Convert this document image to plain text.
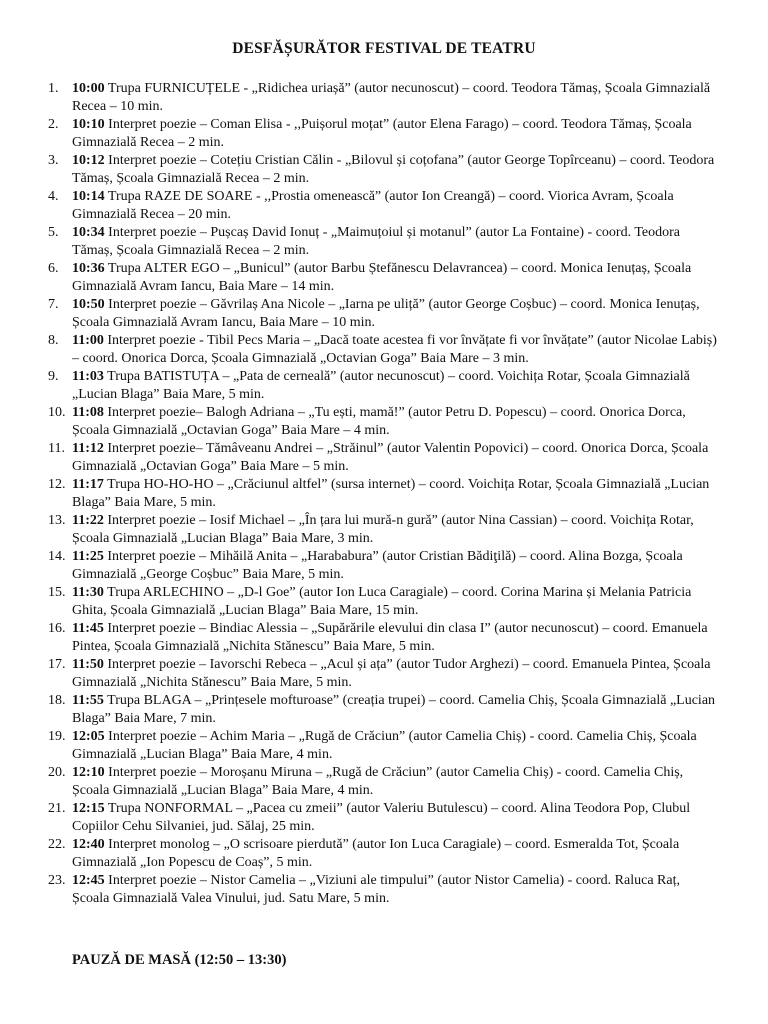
DESFĂȘURĂTOR FESTIVAL DE TEATRU
1. 10:00 Trupa FURNICUȚELE - „Ridichea uriașă” (autor necunoscut) – coord. Teodora Tămaș, Școala Gimnazială Recea – 10 min.
2. 10:10 Interpret poezie – Coman Elisa - ,,Puișorul moțat” (autor Elena Farago) – coord. Teodora Tămaș, Școala Gimnazială Recea – 2 min.
3. 10:12 Interpret poezie – Cotețiu Cristian Călin - „Bilovul și coțofana” (autor George Topîrceanu) – coord. Teodora Tămaș, Școala Gimnazială Recea – 2 min.
4. 10:14 Trupa RAZE DE SOARE - ,,Prostia omenească” (autor Ion Creangă) – coord. Viorica Avram, Școala Gimnazială Recea – 20 min.
5. 10:34 Interpret poezie – Pușcaș David Ionuț - „Maimuțoiul și motanul” (autor La Fontaine) - coord. Teodora Tămaș, Școala Gimnazială Recea – 2 min.
6. 10:36 Trupa ALTER EGO – „Bunicul” (autor Barbu Ștefănescu Delavrancea) – coord. Monica Ienuțaș, Școala Gimnazială Avram Iancu, Baia Mare – 14 min.
7. 10:50 Interpret poezie – Găvrilaș Ana Nicole – „Iarna pe uliță” (autor George Coșbuc) – coord. Monica Ienuțaș, Școala Gimnazială Avram Iancu, Baia Mare – 10 min.
8. 11:00 Interpret poezie - Tibil Pecs Maria – „Dacă toate acestea fi vor învățate fi vor învățate” (autor Nicolae Labiș) – coord. Onorica Dorca, Școala Gimnazială „Octavian Goga” Baia Mare – 3 min.
9. 11:03 Trupa BATISTUȚA – „Pata de cerneală” (autor necunoscut) – coord. Voichița Rotar, Școala Gimnazială „Lucian Blaga” Baia Mare, 5 min.
10. 11:08 Interpret poezie– Balogh Adriana – „Tu ești, mamă!” (autor Petru D. Popescu) – coord. Onorica Dorca, Școala Gimnazială „Octavian Goga” Baia Mare – 4 min.
11. 11:12 Interpret poezie– Tămâveanu Andrei – „Străinul” (autor Valentin Popovici) – coord. Onorica Dorca, Școala Gimnazială „Octavian Goga” Baia Mare – 5 min.
12. 11:17 Trupa HO-HO-HO – „Crăciunul altfel” (sursa internet) – coord. Voichița Rotar, Școala Gimnazială „Lucian Blaga” Baia Mare, 5 min.
13. 11:22 Interpret poezie – Iosif Michael – „În țara lui mură-n gură” (autor Nina Cassian) – coord. Voichița Rotar, Școala Gimnazială „Lucian Blaga” Baia Mare, 3 min.
14. 11:25 Interpret poezie – Mihăilă Anita – „Harababura” (autor Cristian Bădiţilă) – coord. Alina Bozga, Școala Gimnazială „George Coșbuc” Baia Mare, 5 min.
15. 11:30 Trupa ARLECHINO – „D-l Goe” (autor Ion Luca Caragiale) – coord. Corina Marina și Melania Patricia Ghita, Școala Gimnazială „Lucian Blaga” Baia Mare, 15 min.
16. 11:45 Interpret poezie – Bindiac Alessia – „Supărările elevului din clasa I” (autor necunoscut) – coord. Emanuela Pintea, Școala Gimnazială „Nichita Stănescu” Baia Mare, 5 min.
17. 11:50 Interpret poezie – Iavorschi Rebeca – „Acul și ața” (autor Tudor Arghezi) – coord. Emanuela Pintea, Școala Gimnazială „Nichita Stănescu” Baia Mare, 5 min.
18. 11:55 Trupa BLAGA – „Prințesele mofturoase” (creația trupei) – coord. Camelia Chiș, Școala Gimnazială „Lucian Blaga” Baia Mare, 7 min.
19. 12:05 Interpret poezie – Achim Maria – „Rugă de Crăciun” (autor Camelia Chiș) - coord. Camelia Chiș, Școala Gimnazială „Lucian Blaga” Baia Mare, 4 min.
20. 12:10 Interpret poezie – Moroșanu Miruna – „Rugă de Crăciun” (autor Camelia Chiș) - coord. Camelia Chiș, Școala Gimnazială „Lucian Blaga” Baia Mare, 4 min.
21. 12:15 Trupa NONFORMAL – „Pacea cu zmeii” (autor Valeriu Butulescu) – coord. Alina Teodora Pop, Clubul Copiilor Cehu Silvaniei, jud. Sălaj, 25 min.
22. 12:40 Interpret monolog – „O scrisoare pierdută” (autor Ion Luca Caragiale) – coord. Esmeralda Tot, Școala Gimnazială „Ion Popescu de Coaș”, 5 min.
23. 12:45 Interpret poezie – Nistor Camelia – „Viziuni ale timpului” (autor Nistor Camelia) - coord. Raluca Raț, Școala Gimnazială Valea Vinului, jud. Satu Mare, 5 min.

PAUZĂ DE MASĂ (12:50 – 13:30)
